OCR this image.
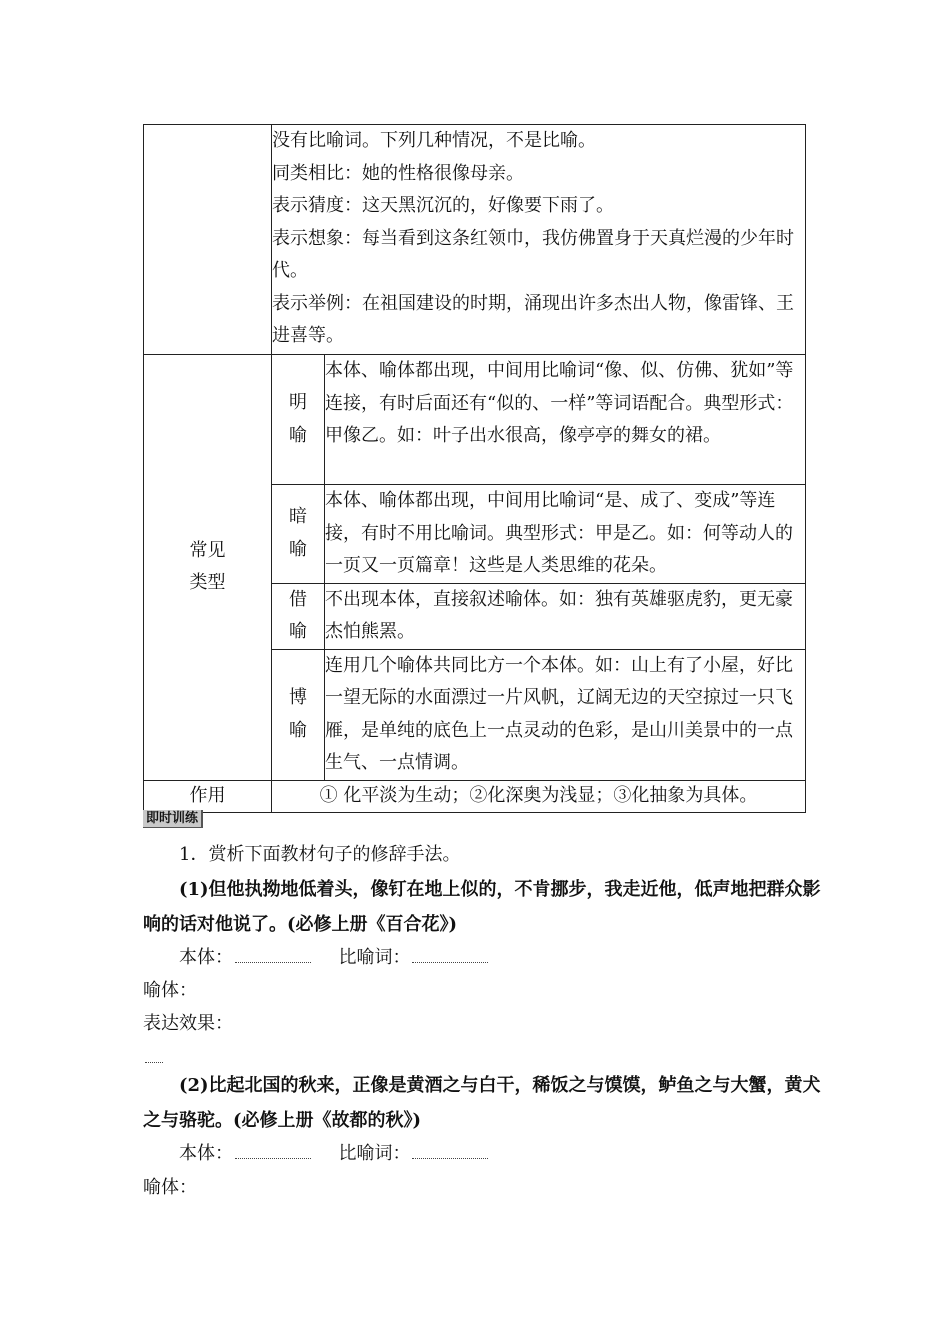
	没有比喻词。下列几种情况，不是比喻。

同类相比：她的性格很像母亲。

表示猜度：这天黑沉沉的，好像要下雨了。

表示想象：每当看到这条红领巾，我仿佛置身于天真烂漫的少年时代。

表示举例：在祖国建设的时期，涌现出许多杰出人物，像雷锋、王进喜等。	

常见类型	明喻	本体、喻体都出现，中间用比喻词“像、似、仿佛、犹如”等连接，有时后面还有“似的、一样”等词语配合。典型形式：甲像乙。如：叶子出水很高，像亭亭的舞女的裙。

	暗喻	本体、喻体都出现，中间用比喻词“是、成了、变成”等连接，有时不用比喻词。典型形式：甲是乙。如：何等动人的一页又一页篇章！这些是人类思维的花朵。

	借喻	不出现本体，直接叙述喻体。如：独有英雄驱虎豹，更无豪杰怕熊罴。

	博喻	连用几个喻体共同比方一个本体。如：山上有了小屋，好比一望无际的水面漂过一片风帆，辽阔无边的天空掠过一只飞雁，是单纯的底色上一点灵动的色彩，是山川美景中的一点生气、一点情调。
作用	① 化平淡为生动；②化深奥为浅显；③化抽象为具体。	
即时训练
1．赏析下面教材句子的修辞手法。
(1)但他执拗地低着头，像钉在地上似的，不肯挪步，我走近他，低声地把群众影响的话对他说了。(必修上册《百合花》)
本体：	比喻词：
喻体：
表达效果：
(2)比起北国的秋来，正像是黄酒之与白干，稀饭之与馍馍，鲈鱼之与大蟹，黄犬之与骆驼。(必修上册《故都的秋》)
本体：	比喻词：
喻体：
